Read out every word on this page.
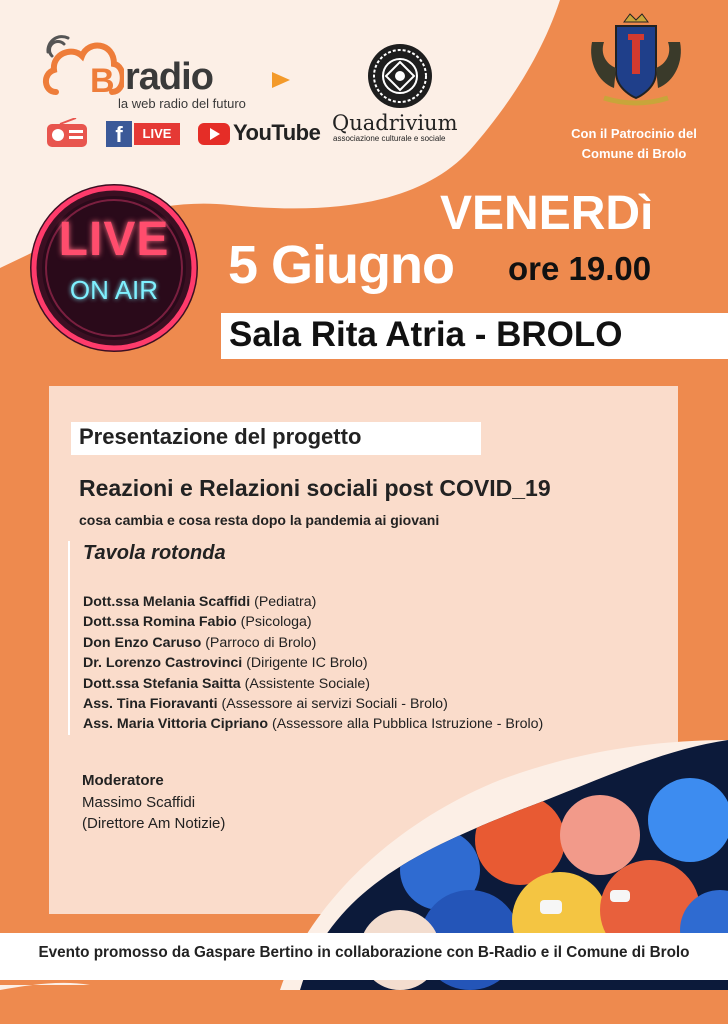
B radio
la web radio del futuro
f	LIVE	YouTube Quadrivium
associazione culturale e sociale	Con il Patrocinio del
Comune di Brolo
LIVE
ON AIR
VENERDì
5 Giugno ore 19.00
Sala Rita Atria - BROLO
Presentazione del progetto
Reazioni e Relazioni sociali post COVID_19
cosa cambia e cosa resta dopo la pandemia ai giovani
Tavola rotonda
Dott.ssa Melania Scaffidi (Pediatra)
Dott.ssa Romina Fabio (Psicologa)
Don Enzo Caruso (Parroco di Brolo)
Dr. Lorenzo Castrovinci (Dirigente IC Brolo)
Dott.ssa Stefania Saitta (Assistente Sociale)
Ass. Tina Fioravanti (Assessore ai servizi Sociali - Brolo)
Ass. Maria Vittoria Cipriano (Assessore alla Pubblica Istruzione - Brolo)
Moderatore
Massimo Scaffidi
(Direttore Am Notizie)
Evento promosso da Gaspare Bertino in collaborazione con B-Radio e il Comune di Brolo
